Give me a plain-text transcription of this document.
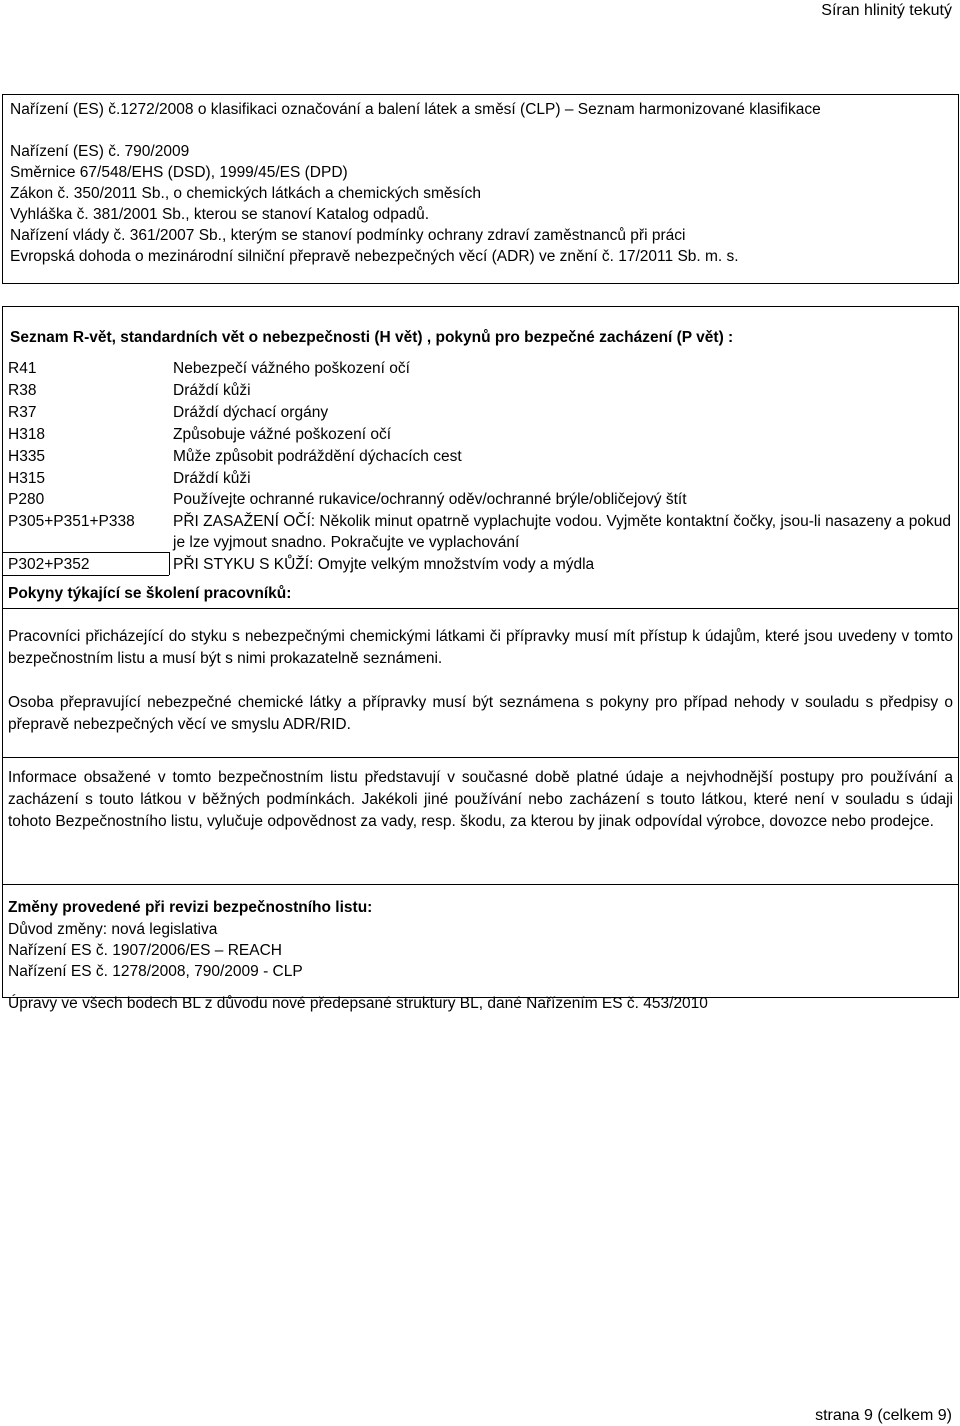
Síran hlinitý tekutý
Nařízení (ES) č.1272/2008 o klasifikaci označování a balení látek a směsí (CLP) – Seznam harmonizované klasifikace
Nařízení (ES) č. 790/2009
Směrnice 67/548/EHS (DSD), 1999/45/ES (DPD)
Zákon č. 350/2011 Sb., o chemických látkách a chemických směsích
Vyhláška č. 381/2001 Sb., kterou se stanoví Katalog odpadů.
Nařízení vlády č. 361/2007 Sb., kterým se stanoví podmínky ochrany zdraví zaměstnanců při práci
Evropská dohoda o mezinárodní silniční přepravě nebezpečných věcí (ADR) ve znění č. 17/2011 Sb. m. s.
Seznam R-vět, standardních vět o nebezpečnosti (H vět) , pokynů pro bezpečné zacházení (P vět) :
R41	Nebezpečí vážného poškození očí
R38	Dráždí kůži
R37	Dráždí dýchací orgány
H318	Způsobuje vážné poškození očí
H335	Může způsobit podráždění dýchacích cest
H315	Dráždí kůži
P280	Používejte ochranné rukavice/ochranný oděv/ochranné brýle/obličejový štít
P305+P351+P338 PŘI ZASAŽENÍ OČÍ: Několik minut opatrně vyplachujte vodou. Vyjměte kontaktní čočky, jsou-li nasazeny a pokud je lze vyjmout snadno. Pokračujte ve vyplachování
P302+P352	PŘI STYKU S KŮŽÍ: Omyjte velkým množstvím vody a mýdla
Pokyny týkající se školení pracovníků:
Pracovníci přicházející do styku s nebezpečnými chemickými látkami či přípravky musí mít přístup k údajům, které jsou uvedeny v tomto bezpečnostním listu a musí být s nimi prokazatelně seznámeni.
Osoba přepravující nebezpečné chemické látky a přípravky musí být seznámena s pokyny pro případ nehody v souladu s předpisy o přepravě nebezpečných věcí ve smyslu ADR/RID.
Informace obsažené v tomto bezpečnostním listu představují v současné době platné údaje a nejvhodnější postupy pro používání a zacházení s touto látkou v běžných podmínkách. Jakékoli jiné používání nebo zacházení s touto látkou, které není v souladu s údaji tohoto Bezpečnostního listu, vylučuje odpovědnost za vady, resp. škodu, za kterou by jinak odpovídal výrobce, dovozce nebo prodejce.
Změny provedené při revizi bezpečnostního listu:
Důvod změny: nová legislativa
Nařízení ES č. 1907/2006/ES – REACH
Nařízení ES č. 1278/2008, 790/2009 - CLP
Úpravy ve všech bodech BL z důvodu nové předepsané struktury BL, dané Nařízením ES č. 453/2010
strana 9 (celkem 9)
